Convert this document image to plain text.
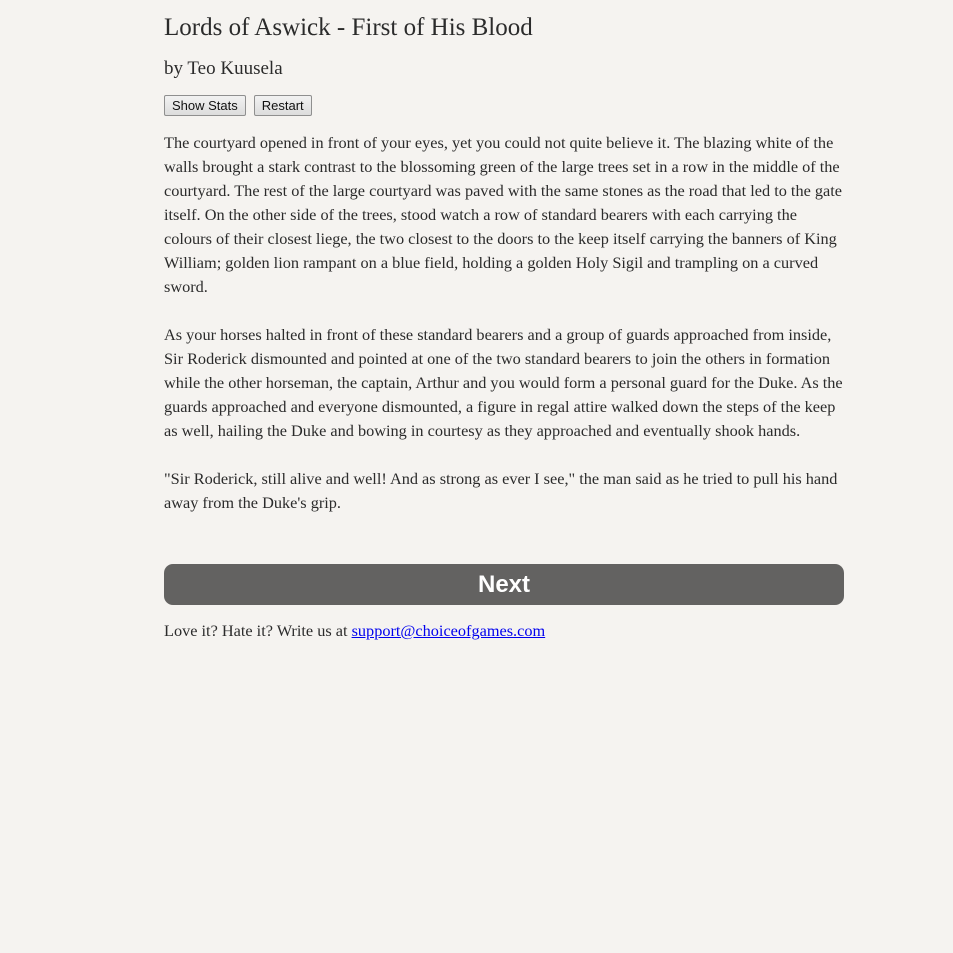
Lords of Aswick - First of His Blood
by Teo Kuusela
Show Stats Restart

The courtyard opened in front of your eyes, yet you could not quite believe it. The blazing white of the walls brought a stark contrast to the blossoming green of the large trees set in a row in the middle of the courtyard. The rest of the large courtyard was paved with the same stones as the road that led to the gate itself. On the other side of the trees, stood watch a row of standard bearers with each carrying the colours of their closest liege, the two closest to the doors to the keep itself carrying the banners of King William; golden lion rampant on a blue field, holding a golden Holy Sigil and trampling on a curved sword.

As your horses halted in front of these standard bearers and a group of guards approached from inside, Sir Roderick dismounted and pointed at one of the two standard bearers to join the others in formation while the other horseman, the captain, Arthur and you would form a personal guard for the Duke. As the guards approached and everyone dismounted, a figure in regal attire walked down the steps of the keep as well, hailing the Duke and bowing in courtesy as they approached and eventually shook hands.

"Sir Roderick, still alive and well! And as strong as ever I see," the man said as he tried to pull his hand away from the Duke's grip.

Next
Love it? Hate it? Write us at support@choiceofgames.com
